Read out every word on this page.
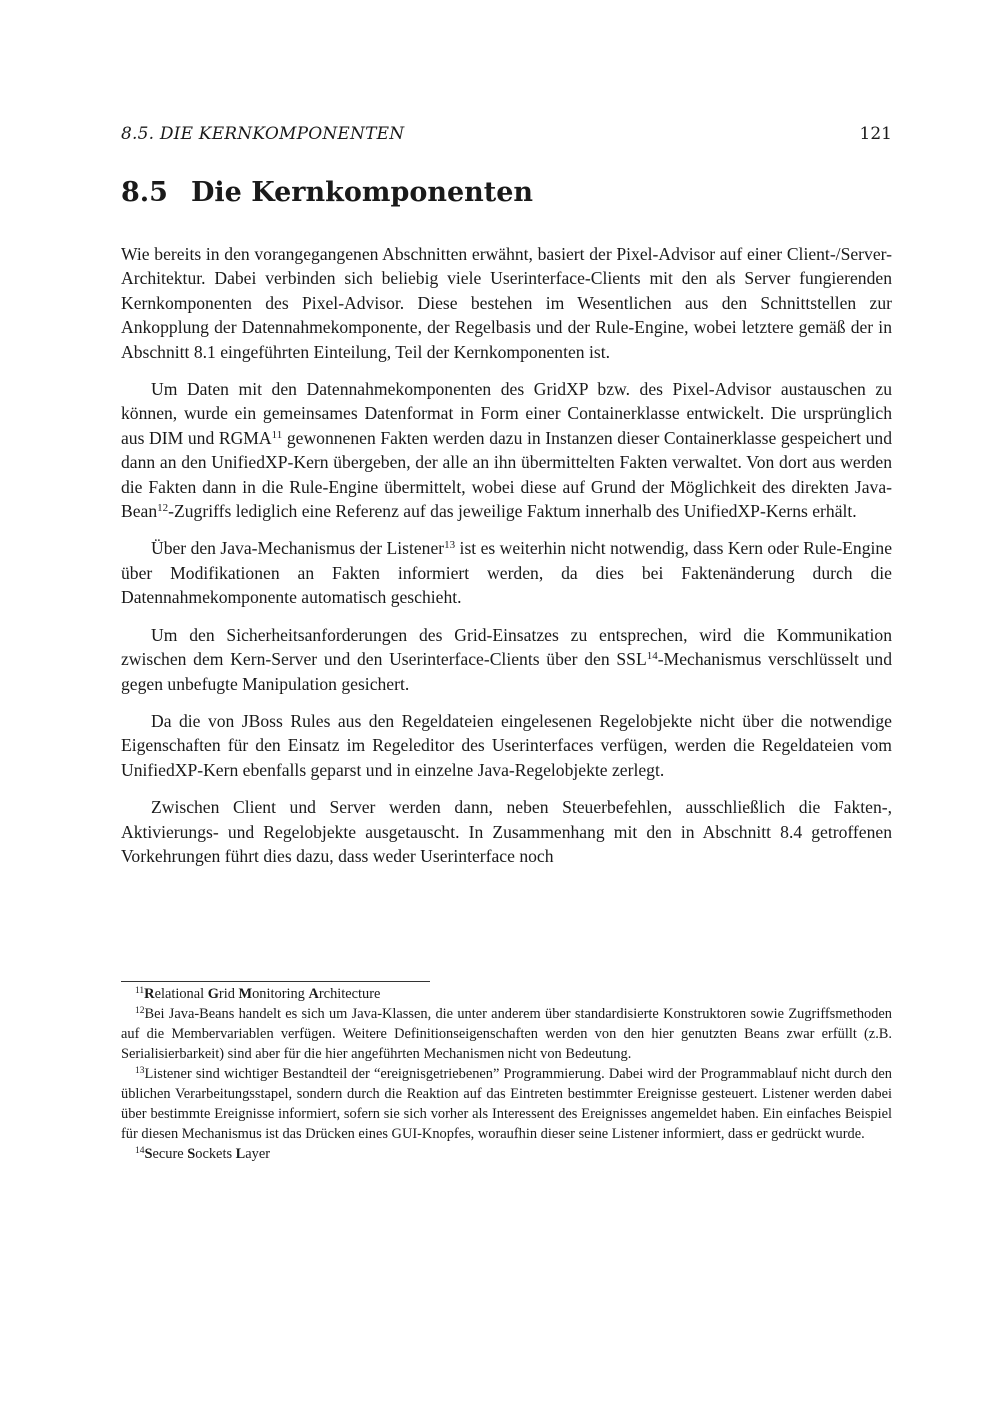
8.5. DIE KERNKOMPONENTEN	121
8.5 Die Kernkomponenten

Wie bereits in den vorangegangenen Abschnitten erwähnt, basiert der Pixel-Advisor auf einer Client-/Server-Architektur. Dabei verbinden sich beliebig viele Userinterface-Clients mit den als Server fungierenden Kernkomponenten des Pixel-Advisor. Diese bestehen im Wesentlichen aus den Schnittstellen zur Ankopplung der Datennahmekomponente, der Regelbasis und der Rule-Engine, wobei letztere gemäß der in Abschnitt 8.1 eingeführten Einteilung, Teil der Kernkomponenten ist.

Um Daten mit den Datennahmekomponenten des GridXP bzw. des Pixel-Advisor austauschen zu können, wurde ein gemeinsames Datenformat in Form einer Containerklasse entwickelt. Die ursprünglich aus DIM und RGMA$^{11}$ gewonnenen Fakten werden dazu in Instanzen dieser Containerklasse gespeichert und dann an den UnifiedXP-Kern übergeben, der alle an ihn übermittelten Fakten verwaltet. Von dort aus werden die Fakten dann in die Rule-Engine übermittelt, wobei diese auf Grund der Möglichkeit des direkten Java-Bean$^{12}$-Zugriffs lediglich eine Referenz auf das jeweilige Faktum innerhalb des UnifiedXP-Kerns erhält.

Über den Java-Mechanismus der Listener$^{13}$ ist es weiterhin nicht notwendig, dass Kern oder Rule-Engine über Modifikationen an Fakten informiert werden, da dies bei Faktenänderung durch die Datennahmekomponente automatisch geschieht.

Um den Sicherheitsanforderungen des Grid-Einsatzes zu entsprechen, wird die Kommunikation zwischen dem Kern-Server und den Userinterface-Clients über den SSL$^{14}$-Mechanismus verschlüsselt und gegen unbefugte Manipulation gesichert.

Da die von JBoss Rules aus den Regeldateien eingelesenen Regelobjekte nicht über die notwendige Eigenschaften für den Einsatz im Regeleditor des Userinterfaces verfügen, werden die Regeldateien vom UnifiedXP-Kern ebenfalls geparst und in einzelne Java-Regelobjekte zerlegt.

Zwischen Client und Server werden dann, neben Steuerbefehlen, ausschließlich die Fakten-, Aktivierungs- und Regelobjekte ausgetauscht. In Zusammenhang mit den in Abschnitt 8.4 getroffenen Vorkehrungen führt dies dazu, dass weder Userinterface noch

$^{11}$Relational Grid Monitoring Architecture

$^{12}$Bei Java-Beans handelt es sich um Java-Klassen, die unter anderem über standardisierte Konstruktoren sowie Zugriffsmethoden auf die Membervariablen verfügen. Weitere Definitionseigenschaften werden von den hier genutzten Beans zwar erfüllt (z.B. Serialisierbarkeit) sind aber für die hier angeführten Mechanismen nicht von Bedeutung.

$^{13}$Listener sind wichtiger Bestandteil der “ereignisgetriebenen” Programmierung. Dabei wird der Programmablauf nicht durch den üblichen Verarbeitungsstapel, sondern durch die Reaktion auf das Eintreten bestimmter Ereignisse gesteuert. Listener werden dabei über bestimmte Ereignisse informiert, sofern sie sich vorher als Interessent des Ereignisses angemeldet haben. Ein einfaches Beispiel für diesen Mechanismus ist das Drücken eines GUI-Knopfes, woraufhin dieser seine Listener informiert, dass er gedrückt wurde.

$^{14}$Secure Sockets Layer
